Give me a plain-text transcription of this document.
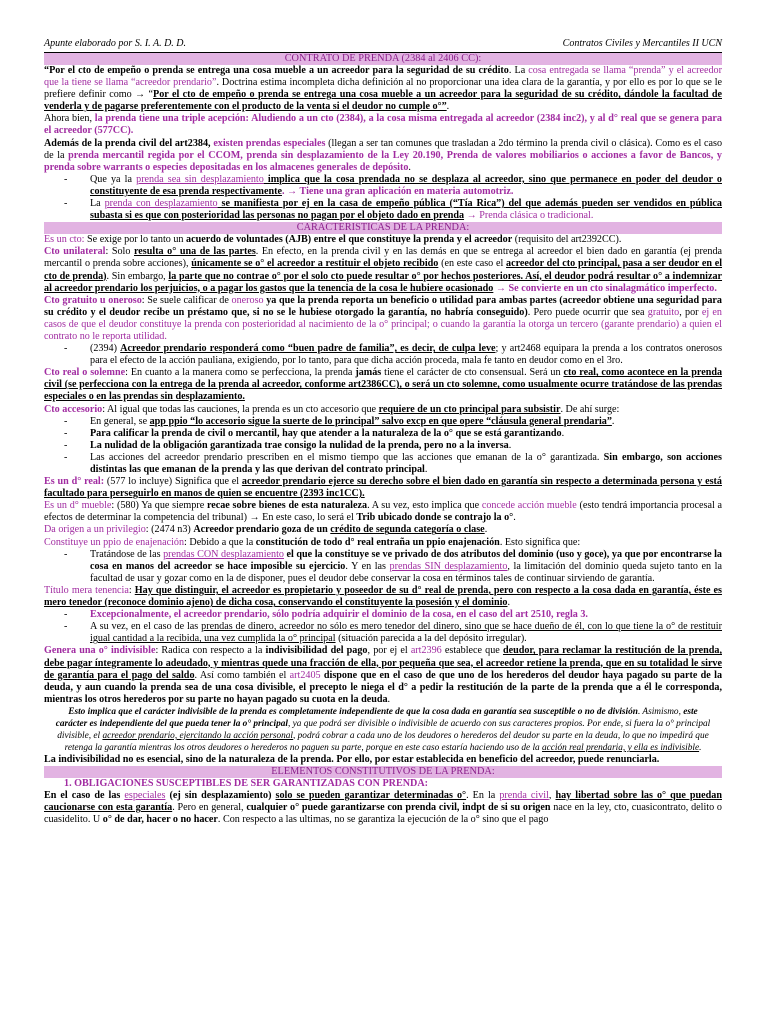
Apunte elaborado por S. I. A. D. D.	Contratos Civiles y Mercantiles II UCN
CONTRATO DE PRENDA (2384 al 2406 CC):

“Por el cto de empeño o prenda se entrega una cosa mueble a un acreedor para la seguridad de su crédito. La cosa entregada se llama “prenda” y el acreedor que la tiene se llama “acreedor prendario”. Doctrina estima incompleta dicha definición al no proporcionar una idea clara de la garantía, y por ello es por lo que se le prefiere definir como → “Por el cto de empeño o prenda se entrega una cosa mueble a un acreedor para la seguridad de su crédito, dándole la facultad de venderla y de pagarse preferentemente con el producto de la venta si el deudor no cumple o°”.

Ahora bien, la prenda tiene una triple acepción: Aludiendo a un cto (2384), a la cosa misma entregada al acreedor (2384 inc2), y al d° real que se genera para el acreedor (577CC).

Además de la prenda civil del art2384, existen prendas especiales (llegan a ser tan comunes que trasladan a 2do término la prenda civil o clásica). Como es el caso de la prenda mercantil regida por el CCOM, prenda sin desplazamiento de la Ley 20.190, Prenda de valores mobiliarios o acciones a favor de Bancos, y prenda sobre warrants o especies depositadas en los almacenes generales de depósito.

- Que ya la prenda sea sin desplazamiento implica que la cosa prendada no se desplaza al acreedor, sino que permanece en poder del deudor o constituyente de esa prenda respectivamente. → Tiene una gran aplicación en materia automotriz.
- La prenda con desplazamiento se manifiesta por ej en la casa de empeño pública (“Tía Rica”) del que además pueden ser vendidos en pública subasta si es que con posterioridad las personas no pagan por el objeto dado en prenda → Prenda clásica o tradicional.
CARACTERISTICAS DE LA PRENDA:

Es un cto: Se exige por lo tanto un acuerdo de voluntades (AJB) entre el que constituye la prenda y el acreedor (requisito del art2392CC).

Cto unilateral: Solo resulta o° una de las partes. En efecto, en la prenda civil y en las demás en que se entrega al acreedor el bien dado en garantía (ej prenda mercantil o prenda sobre acciones), únicamente se o° el acreedor a restituir el objeto recibido (en este caso el acreedor del cto principal, pasa a ser deudor en el cto de prenda). Sin embargo, la parte que no contrae o° por el solo cto puede resultar o° por hechos posteriores. Así, el deudor podrá resultar o° a indemnizar al acreedor prendario los perjuicios, o a pagar los gastos que la tenencia de la cosa le hubiere ocasionado → Se convierte en un cto sinalagmático imperfecto.

Cto gratuito u oneroso: Se suele calificar de oneroso ya que la prenda reporta un beneficio o utilidad para ambas partes (acreedor obtiene una seguridad para su crédito y el deudor recibe un préstamo que, si no se le hubiese otorgado la garantía, no habría conseguido). Pero puede ocurrir que sea gratuito, por ej en casos de que el deudor constituye la prenda con posterioridad al nacimiento de la o° principal; o cuando la garantía la otorga un tercero (garante prendario) a quien el contrato no le reporta utilidad.

- (2394) Acreedor prendario responderá como “buen padre de familia”, es decir, de culpa leve; y art2468 equipara la prenda a los contratos onerosos para el efecto de la acción pauliana, exigiendo, por lo tanto, para que dicha acción proceda, mala fe tanto en deudor como en el 3ro.

Cto real o solemne: En cuanto a la manera como se perfecciona, la prenda jamás tiene el carácter de cto consensual. Será un cto real, como acontece en la prenda civil (se perfecciona con la entrega de la prenda al acreedor, conforme art2386CC), o será un cto solemne, como usualmente ocurre tratándose de las prendas especiales o en las prendas sin desplazamiento.

Cto accesorio: Al igual que todas las cauciones, la prenda es un cto accesorio que requiere de un cto principal para subsistir. De ahí surge:

- En general, se app ppio “lo accesorio sigue la suerte de lo principal” salvo excp en que opere “cláusula general prendaria”.
- Para calificar la prenda de civil o mercantil, hay que atender a la naturaleza de la o° que se está garantizando.
- La nulidad de la obligación garantizada trae consigo la nulidad de la prenda, pero no a la inversa.
- Las acciones del acreedor prendario prescriben en el mismo tiempo que las acciones que emanan de la o° garantizada. Sin embargo, son acciones distintas las que emanan de la prenda y las que derivan del contrato principal.

Es un d° real: (577 lo incluye) Significa que el acreedor prendario ejerce su derecho sobre el bien dado en garantía sin respecto a determinada persona y está facultado para perseguirlo en manos de quien se encuentre (2393 inc1CC).

Es un d° mueble: (580) Ya que siempre recae sobre bienes de esta naturaleza. A su vez, esto implica que concede acción mueble (esto tendrá importancia procesal a efectos de determinar la competencia del tribunal) → En este caso, lo será el Trib ubicado donde se contrajo la o°.

Da origen a un privilegio: (2474 n3) Acreedor prendario goza de un crédito de segunda categoría o clase.

Constituye un ppio de enajenación: Debido a que la constitución de todo d° real entraña un ppio enajenación. Esto significa que:

- Tratándose de las prendas CON desplazamiento el que la constituye se ve privado de dos atributos del dominio (uso y goce), ya que por encontrarse la cosa en manos del acreedor se hace imposible su ejercicio. Y en las prendas SIN desplazamiento, la limitación del dominio queda sujeto tanto en la facultad de usar y gozar como en la de disponer, pues el deudor debe conservar la cosa en términos tales de continuar sirviendo de garantía.

Título mera tenencia: Hay que distinguir, el acreedor es propietario y poseedor de su d° real de prenda, pero con respecto a la cosa dada en garantía, éste es mero tenedor (reconoce dominio ajeno) de dicha cosa, conservando el constituyente la posesión y el dominio.

- Excepcionalmente, el acreedor prendario, sólo podría adquirir el dominio de la cosa, en el caso del art 2510, regla 3.
- A su vez, en el caso de las prendas de dinero, acreedor no sólo es mero tenedor del dinero, sino que se hace dueño de él, con lo que tiene la o° de restituir igual cantidad a la recibida, una vez cumplida la o° principal (situación parecida a la del depósito irregular).

Genera una o° indivisible: Radica con respecto a la indivisibilidad del pago, por ej el art2396 establece que deudor, para reclamar la restitución de la prenda, debe pagar íntegramente lo adeudado, y mientras quede una fracción de ella, por pequeña que sea, el acreedor retiene la prenda, que en su totalidad le sirve de garantía para el pago del saldo. Así como también el art2405 dispone que en el caso de que uno de los herederos del deudor haya pagado su parte de la deuda, y aun cuando la prenda sea de una cosa divisible, el precepto le niega el d° a pedir la restitución de la parte de la prenda que a él le corresponda, mientras los otros herederos por su parte no hayan pagado su cuota en la deuda.

Esto implica que el carácter indivisible de la prenda es completamente independiente de que la cosa dada en garantía sea susceptible o no de división. Asimismo, este carácter es independiente del que pueda tener la o° principal, ya que podrá ser divisible o indivisible de acuerdo con sus caracteres propios. Por ende, si fuera la o° principal divisible, el acreedor prendario, ejercitando la acción personal, podrá cobrar a cada uno de los deudores o herederos del deudor su parte en la deuda, lo que no impedirá que retenga la garantía mientras los otros deudores o herederos no paguen su parte, porque en este caso estaría haciendo uso de la acción real prendaria, y ella es indivisible.

La indivisibilidad no es esencial, sino de la naturaleza de la prenda. Por ello, por estar establecida en beneficio del acreedor, puede renunciarla.

ELEMENTOS CONSTITUTIVOS DE LA PRENDA:

1. OBLIGACIONES SUSCEPTIBLES DE SER GARANTIZADAS CON PRENDA:

En el caso de las especiales (ej sin desplazamiento) solo se pueden garantizar determinadas o°. En la prenda civil, hay libertad sobre las o° que puedan caucionarse con esta garantía. Pero en general, cualquier o° puede garantizarse con prenda civil, indpt de si su origen nace en la ley, cto, cuasicontrato, delito o cuasidelito. U o° de dar, hacer o no hacer. Con respecto a las ultimas, no se garantiza la ejecución de la o° sino que el pago
